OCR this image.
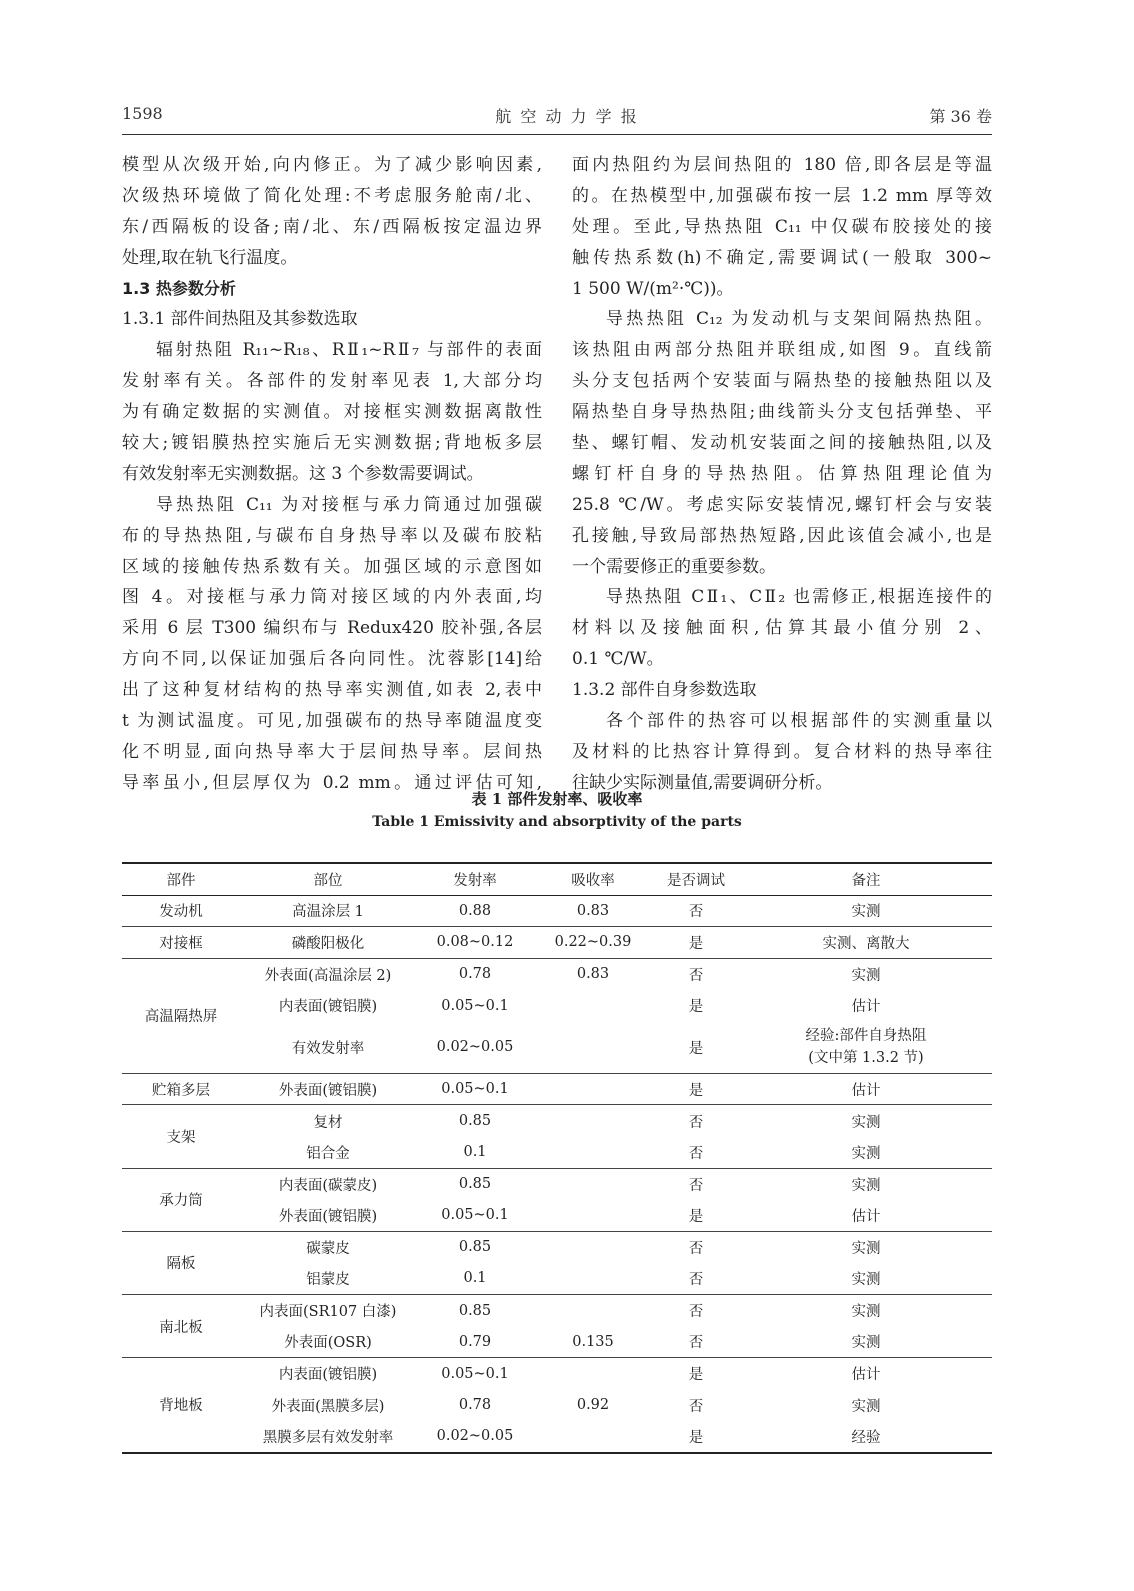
1598	航 空 动 力 学 报	第 36 卷
模型从次级开始,向内修正。为了减少影响因素,
次级热环境做了简化处理:不考虑服务舱南/北、
东/西隔板的设备;南/北、东/西隔板按定温边界
处理,取在轨飞行温度。
1.3 热参数分析
1.3.1 部件间热阻及其参数选取
辐射热阻 R₁₁~R₁₈、RⅡ₁~RⅡ₇ 与部件的表面
发射率有关。各部件的发射率见表 1,大部分均
为有确定数据的实测值。对接框实测数据离散性
较大;镀铝膜热控实施后无实测数据;背地板多层
有效发射率无实测数据。这 3 个参数需要调试。
导热热阻 C₁₁ 为对接框与承力筒通过加强碳
布的导热热阻,与碳布自身热导率以及碳布胶粘
区域的接触传热系数有关。加强区域的示意图如
图 4。对接框与承力筒对接区域的内外表面,均
采用 6 层 T300 编织布与 Redux420 胶补强,各层
方向不同,以保证加强后各向同性。沈蓉影[14]给
出了这种复材结构的热导率实测值,如表 2,表中
t 为测试温度。可见,加强碳布的热导率随温度变
化不明显,面向热导率大于层间热导率。层间热
导率虽小,但层厚仅为 0.2 mm。通过评估可知,
面内热阻约为层间热阻的 180 倍,即各层是等温
的。在热模型中,加强碳布按一层 1.2 mm 厚等效
处理。至此,导热热阻 C₁₁ 中仅碳布胶接处的接
触传热系数(h)不确定,需要调试(一般取 300~
1 500 W/(m²·℃))。
导热热阻 C₁₂ 为发动机与支架间隔热热阻。
该热阻由两部分热阻并联组成,如图 9。直线箭
头分支包括两个安装面与隔热垫的接触热阻以及
隔热垫自身导热热阻;曲线箭头分支包括弹垫、平
垫、螺钉帽、发动机安装面之间的接触热阻,以及
螺钉杆自身的导热热阻。估算热阻理论值为
25.8 ℃/W。考虑实际安装情况,螺钉杆会与安装
孔接触,导致局部热热短路,因此该值会减小,也是
一个需要修正的重要参数。
导热热阻 CⅡ₁、CⅡ₂ 也需修正,根据连接件的
材料以及接触面积,估算其最小值分别 2、
0.1 ℃/W。
1.3.2 部件自身参数选取
各个部件的热容可以根据部件的实测重量以
及材料的比热容计算得到。复合材料的热导率往
往缺少实际测量值,需要调研分析。
表 1 部件发射率、吸收率
Table 1 Emissivity and absorptivity of the parts
部件	部位	发射率	吸收率	是否调试	备注
发动机	高温涂层 1	0.88	0.83	否	实测
对接框	磷酸阳极化	0.08~0.12	0.22~0.39	是	实测、离散大
高温隔热屏	外表面(高温涂层 2)	0.78	0.83	否	实测
	内表面(镀铝膜)	0.05~0.1		是	估计
	有效发射率	0.02~0.05		是	经验:部件自身热阻
(文中第 1.3.2 节)

贮箱多层	外表面(镀铝膜)	0.05~0.1		是	估计
支架	复材	0.85		否	实测
	铝合金	0.1		否	实测
承力筒	内表面(碳蒙皮)	0.85		否	实测
	外表面(镀铝膜)	0.05~0.1		是	估计
隔板	碳蒙皮	0.85		否	实测
	铝蒙皮	0.1		否	实测
南北板	内表面(SR107 白漆)	0.85		否	实测
	外表面(OSR)	0.79	0.135	否	实测
背地板	内表面(镀铝膜)	0.05~0.1		是	估计
	外表面(黑膜多层)	0.78	0.92	否	实测
	黑膜多层有效发射率	0.02~0.05		是	经验
